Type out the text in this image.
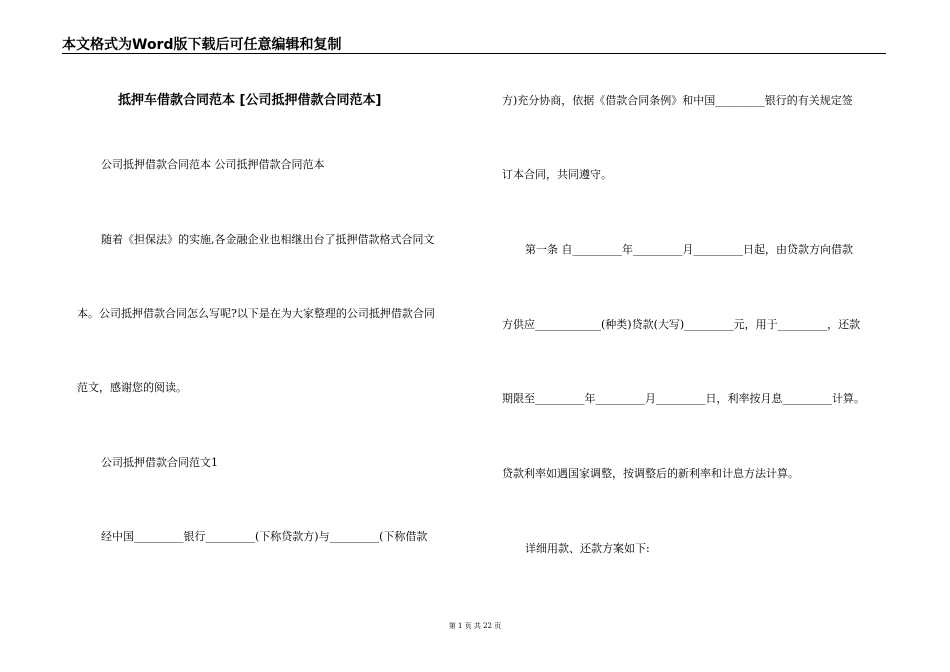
本文格式为Word版下载后可任意编辑和复制
抵押车借款合同范本 [公司抵押借款合同范本]
公司抵押借款合同范本 公司抵押借款合同范本
随着《担保法》的实施,各金融企业也相继出台了抵押借款格式合同文
本。公司抵押借款合同怎么写呢?以下是在为大家整理的公司抵押借款合同
范文，感谢您的阅读。
公司抵押借款合同范文1
经中国_________银行_________(下称贷款方)与_________(下称借款
方)充分协商，依据《借款合同条例》和中国_________银行的有关规定签
订本合同，共同遵守。
第一条 自_________年_________月_________日起，由贷款方向借款
方供应____________(种类)贷款(大写)_________元，用于_________，还款
期限至_________年_________月_________日，利率按月息_________计算。
贷款利率如遇国家调整，按调整后的新利率和计息方法计算。
详细用款、还款方案如下:
第 1 页 共 22 页
